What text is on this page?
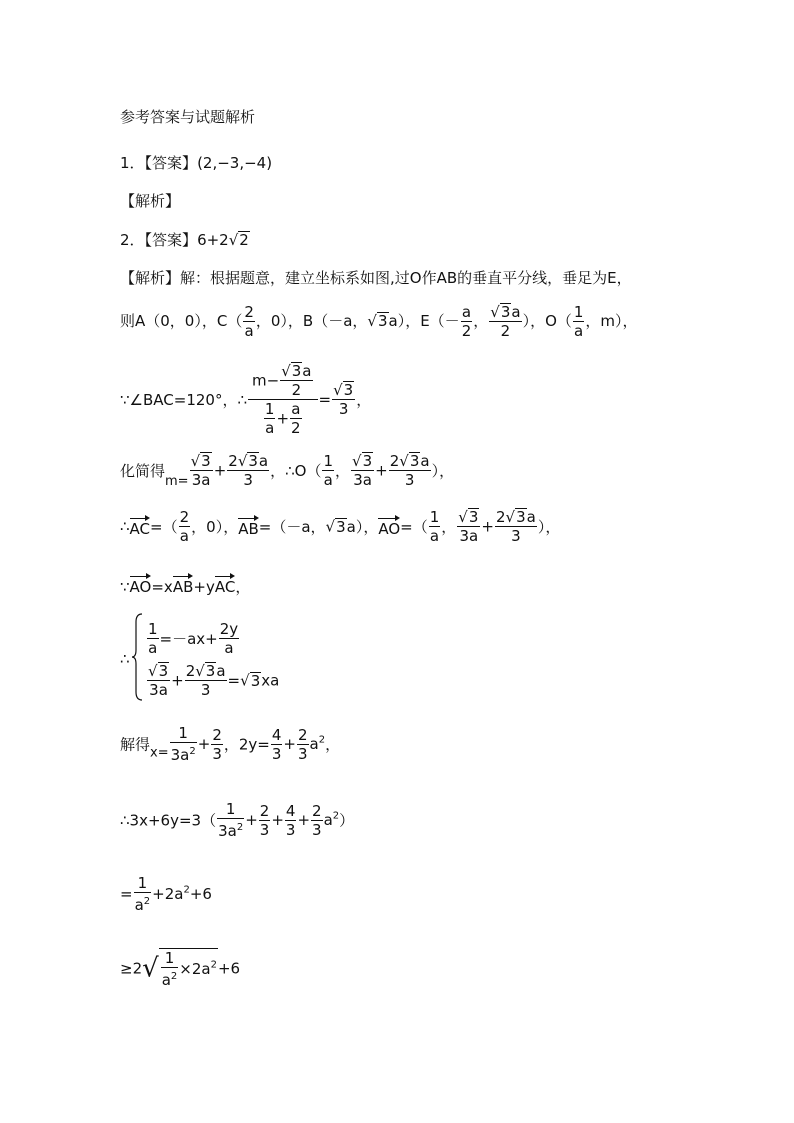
参考答案与试题解析
1．【答案】(2,−3,−4)
【解析】
2．【答案】6+2√2
【解析】解：根据题意，建立坐标系如图,过O作AB的垂直平分线，垂足为E，
则A（0，0），$C( \frac{2}{a}$ ，0），B（－a，√3a），$E(- \frac{a}{2}$ ， $\frac{√3a}{2}$ ），$O( \frac{1}{a}$ ，m），
∵∠BAC=120°，∴ $\frac{m- \frac{√3a}{2}}{\frac{1}{a} + \frac{a}{2}} = \frac{√3}{3}$ ，
化简得$m= \frac{√3}{3a} + \frac{2√3a}{3}$ ，∴O（ $\frac{1}{a}$ ， $\frac{√3}{3a} + \frac{2√3a}{3}$ ），
∴AC=（ $\frac{2}{a}$ ，0），AB=（－a，√3a），$AO=( \frac{1}{a}$ ， $\frac{√3}{3a} + \frac{2√3a}{3}$ ），
∵AO=xAB+yAC，
∴
$\frac{1}{a} =-ax+ \frac{2y}{a}$
$\frac{√3}{3a} + \frac{2√3a}{3} =√3xa$
解得$x= \frac{1}{3a^2} + \frac{2}{3}$ ，$2y= \frac{4}{3} + \frac{2}{3} a^2$，
∴3x+6y=3（ $\frac{1}{3a^2} + \frac{2}{3} + \frac{4}{3} + \frac{2}{3} a^2$）
= $\frac{1}{a^2} +2a^2+6$
$\ge 2√ \frac{1}{a^2} \times 2a^2+6$
